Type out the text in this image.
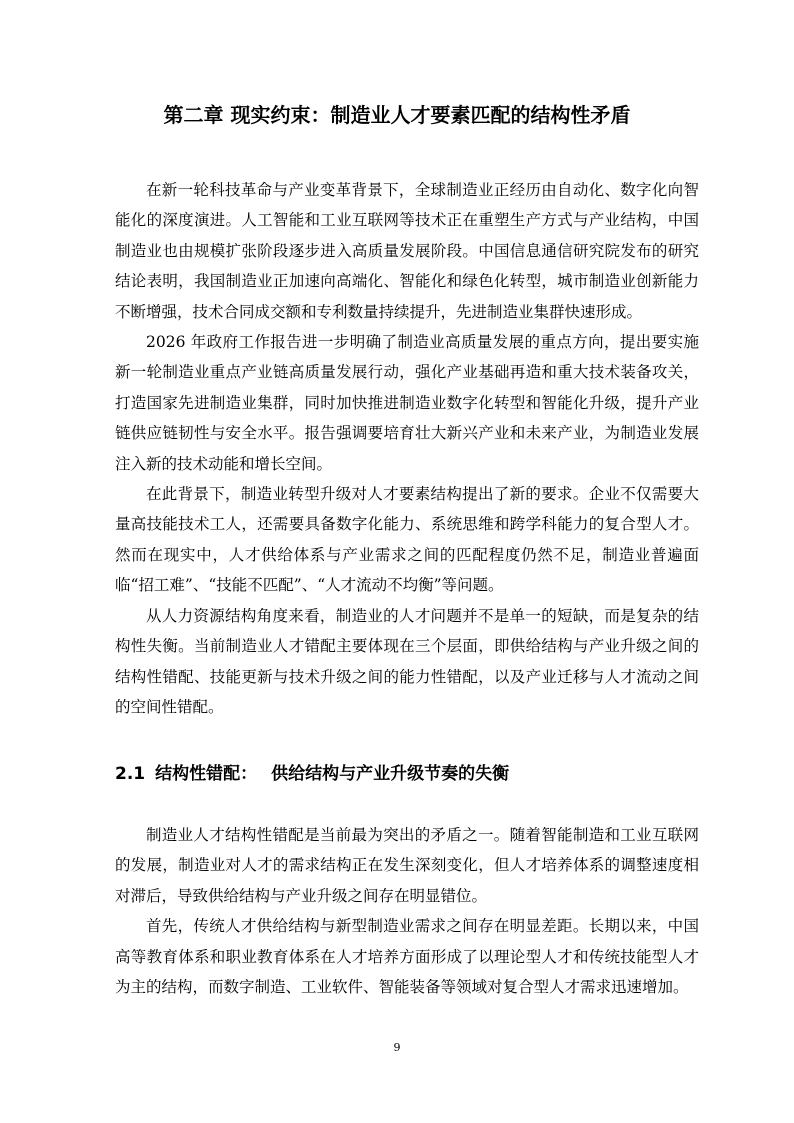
第二章 现实约束：制造业人才要素匹配的结构性矛盾

在新一轮科技革命与产业变革背景下，全球制造业正经历由自动化、数字化向智能化的深度演进。人工智能和工业互联网等技术正在重塑生产方式与产业结构，中国制造业也由规模扩张阶段逐步进入高质量发展阶段。中国信息通信研究院发布的研究结论表明，我国制造业正加速向高端化、智能化和绿色化转型，城市制造业创新能力不断增强，技术合同成交额和专利数量持续提升，先进制造业集群快速形成。

2026 年政府工作报告进一步明确了制造业高质量发展的重点方向，提出要实施新一轮制造业重点产业链高质量发展行动，强化产业基础再造和重大技术装备攻关，打造国家先进制造业集群，同时加快推进制造业数字化转型和智能化升级，提升产业链供应链韧性与安全水平。报告强调要培育壮大新兴产业和未来产业，为制造业发展注入新的技术动能和增长空间。

在此背景下，制造业转型升级对人才要素结构提出了新的要求。企业不仅需要大量高技能技术工人，还需要具备数字化能力、系统思维和跨学科能力的复合型人才。然而在现实中，人才供给体系与产业需求之间的匹配程度仍然不足，制造业普遍面临“招工难”、“技能不匹配”、“人才流动不均衡”等问题。

从人力资源结构角度来看，制造业的人才问题并不是单一的短缺，而是复杂的结构性失衡。当前制造业人才错配主要体现在三个层面，即供给结构与产业升级之间的结构性错配、技能更新与技术升级之间的能力性错配，以及产业迁移与人才流动之间的空间性错配。

2.1 结构性错配： 供给结构与产业升级节奏的失衡

制造业人才结构性错配是当前最为突出的矛盾之一。随着智能制造和工业互联网的发展，制造业对人才的需求结构正在发生深刻变化，但人才培养体系的调整速度相对滞后，导致供给结构与产业升级之间存在明显错位。

首先，传统人才供给结构与新型制造业需求之间存在明显差距。长期以来，中国高等教育体系和职业教育体系在人才培养方面形成了以理论型人才和传统技能型人才为主的结构，而数字制造、工业软件、智能装备等领域对复合型人才需求迅速增加。

9
